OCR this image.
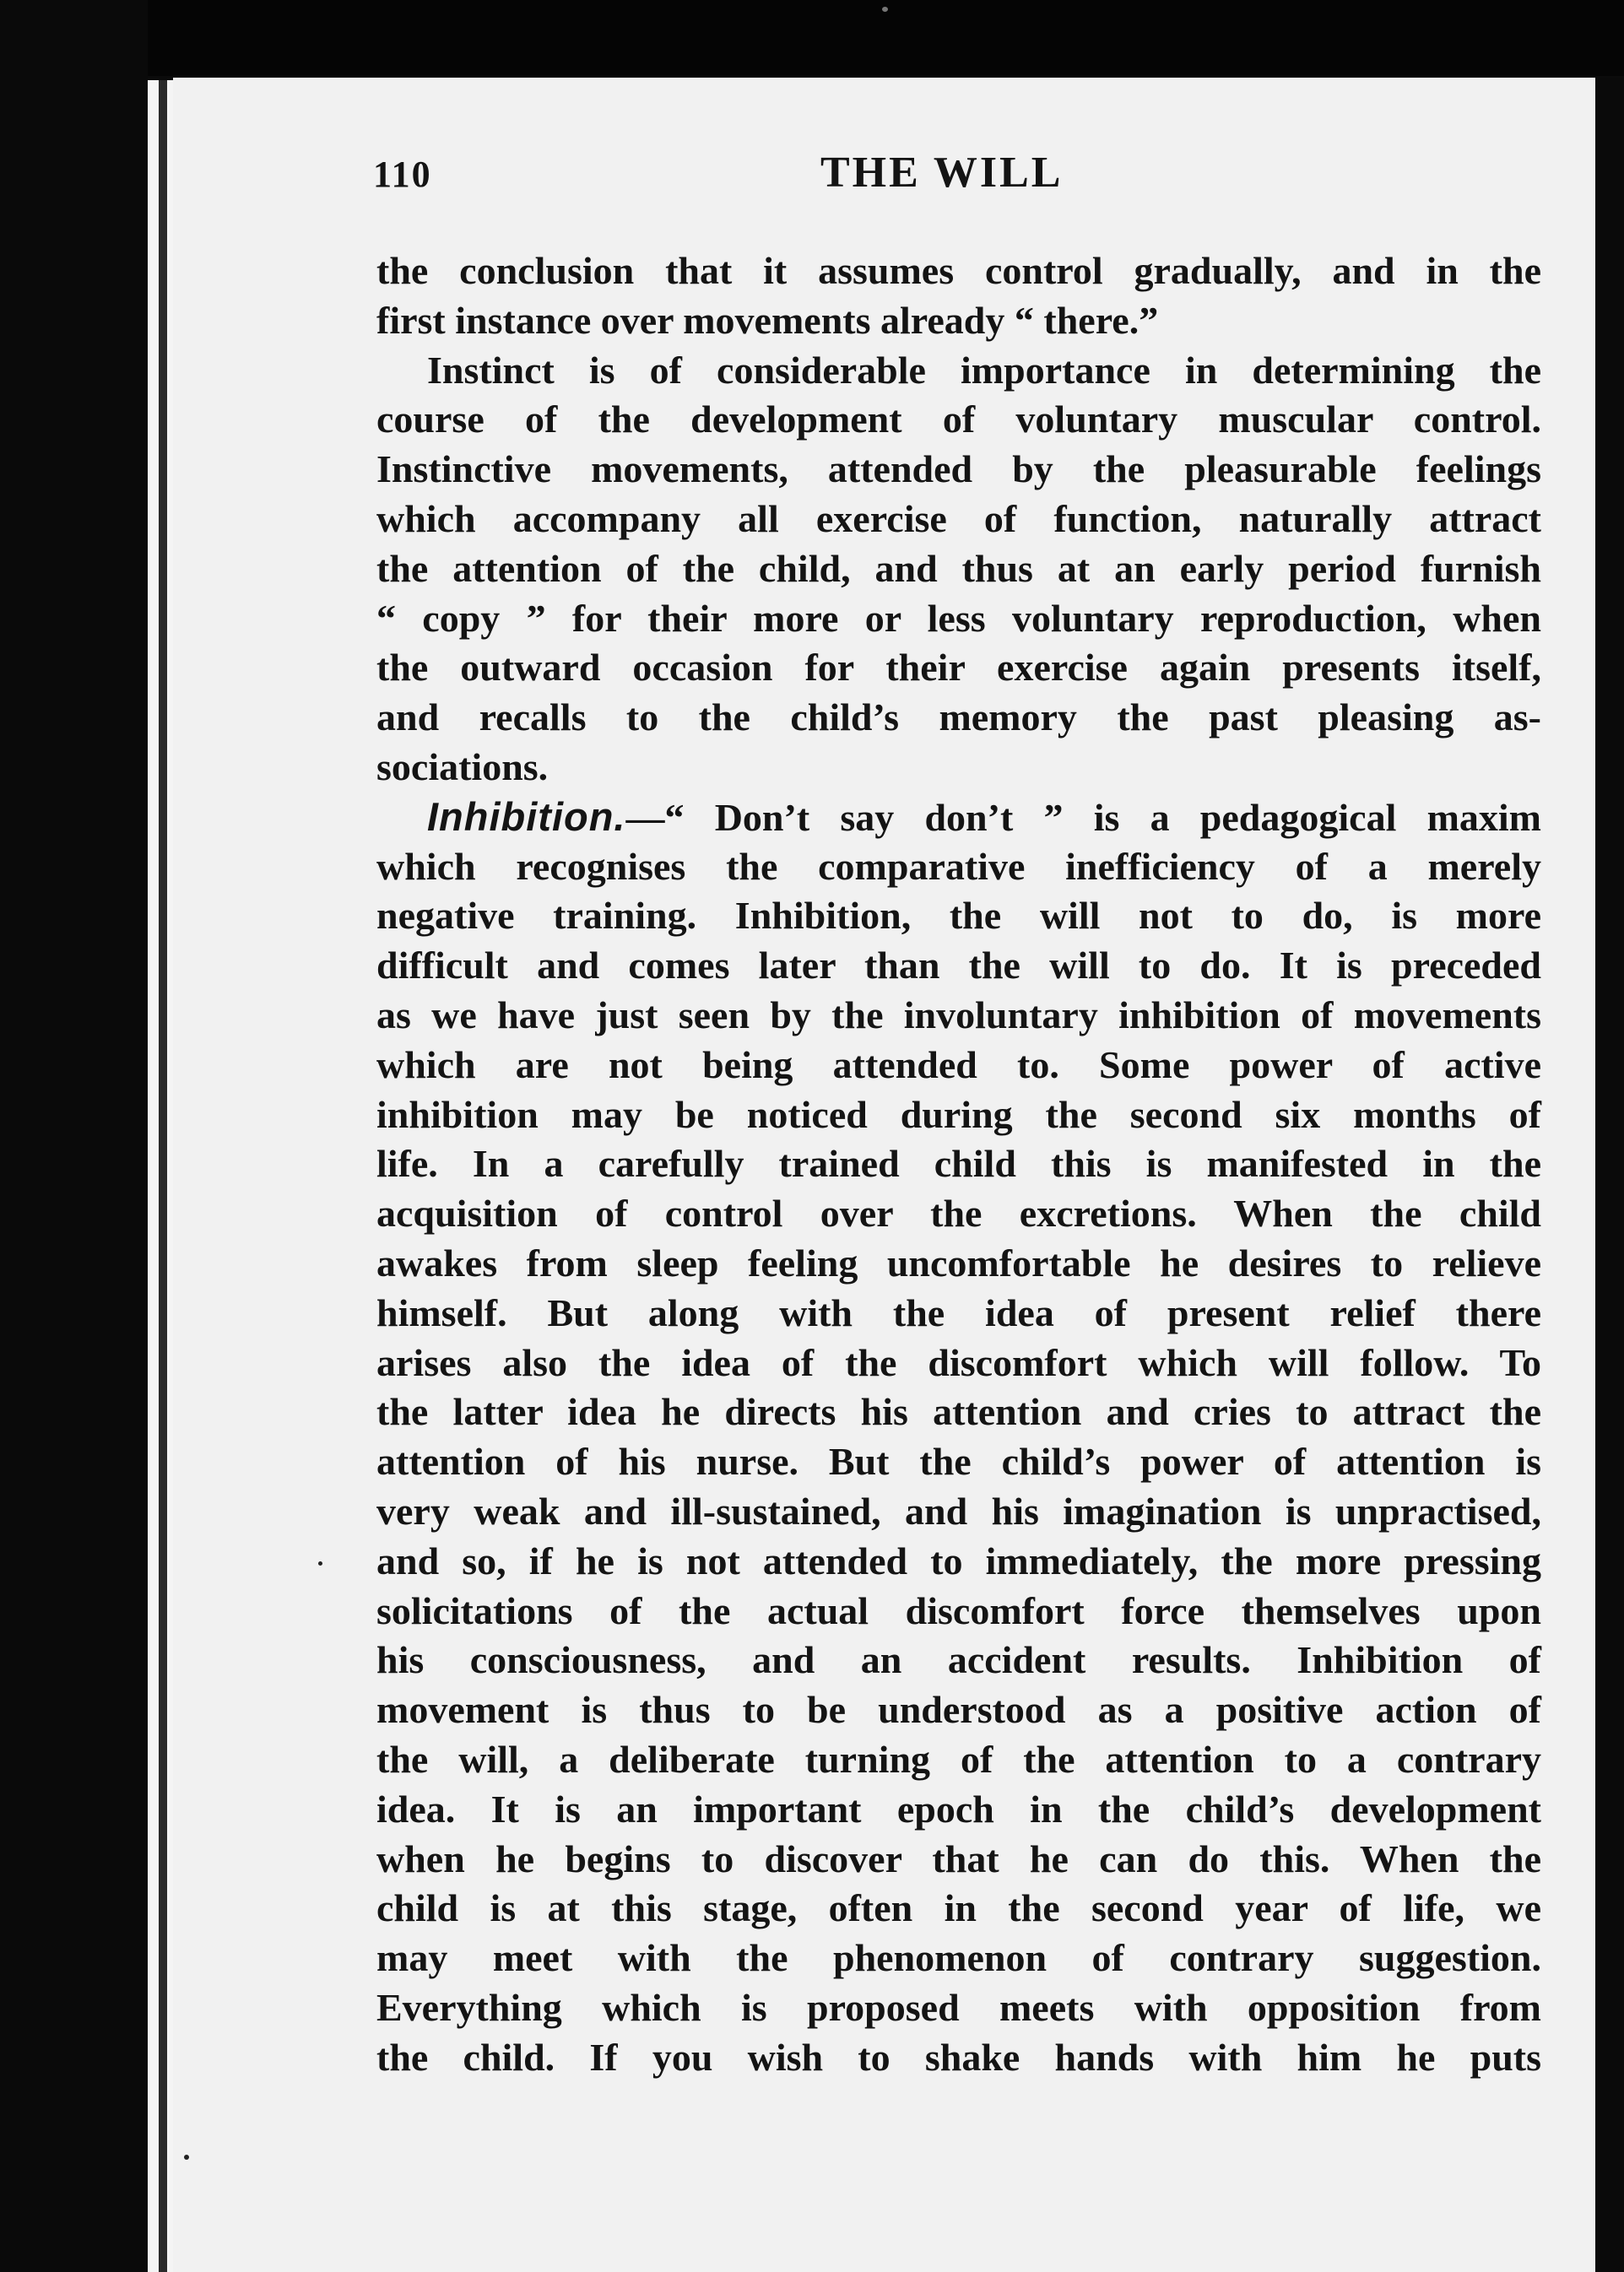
110	THE WILL
the conclusion that it assumes control gradually, and in the
first instance over movements already “ there.”
Instinct is of considerable importance in determining the
course of the development of voluntary muscular control.
Instinctive movements, attended by the pleasurable feelings
which accompany all exercise of function, naturally attract
the attention of the child, and thus at an early period furnish
“ copy ” for their more or less voluntary reproduction, when
the outward occasion for their exercise again presents itself,
and recalls to the child’s memory the past pleasing as-
sociations.
Inhibition.—“ Don’t say don’t ” is a pedagogical maxim
which recognises the comparative inefficiency of a merely
negative training. Inhibition, the will not to do, is more
difficult and comes later than the will to do. It is preceded
as we have just seen by the involuntary inhibition of movements
which are not being attended to. Some power of active
inhibition may be noticed during the second six months of
life. In a carefully trained child this is manifested in the
acquisition of control over the excretions. When the child
awakes from sleep feeling uncomfortable he desires to relieve
himself. But along with the idea of present relief there
arises also the idea of the discomfort which will follow. To
the latter idea he directs his attention and cries to attract the
attention of his nurse. But the child’s power of attention is
very weak and ill-sustained, and his imagination is unpractised,
and so, if he is not attended to immediately, the more pressing
solicitations of the actual discomfort force themselves upon
his consciousness, and an accident results. Inhibition of
movement is thus to be understood as a positive action of
the will, a deliberate turning of the attention to a contrary
idea. It is an important epoch in the child’s development
when he begins to discover that he can do this. When the
child is at this stage, often in the second year of life, we
may meet with the phenomenon of contrary suggestion.
Everything which is proposed meets with opposition from
the child. If you wish to shake hands with him he puts
